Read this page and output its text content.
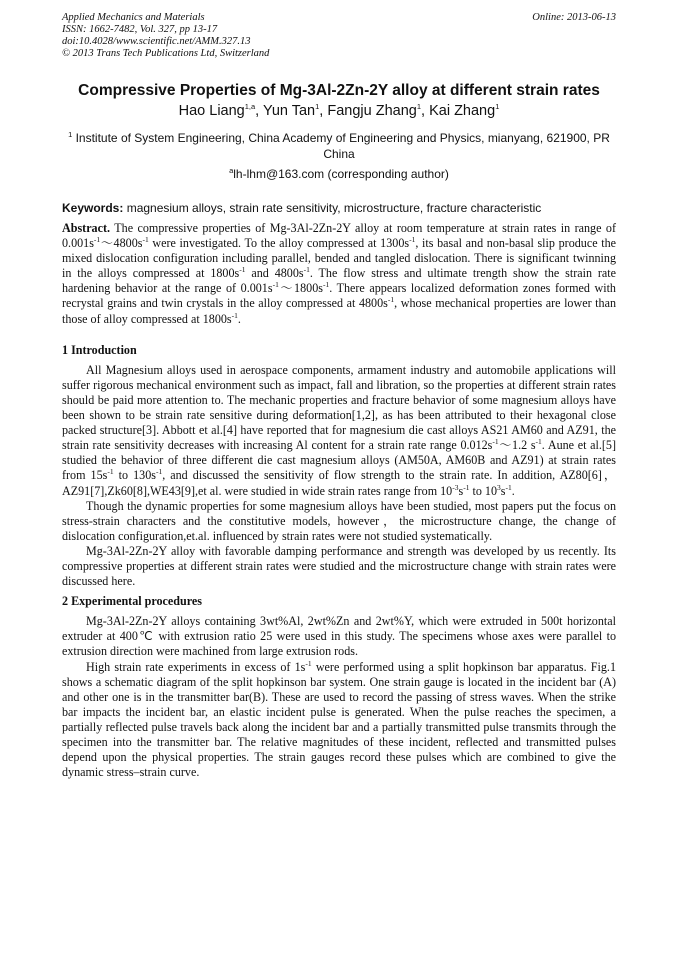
Applied Mechanics and Materials
ISSN: 1662-7482, Vol. 327, pp 13-17
doi:10.4028/www.scientific.net/AMM.327.13
© 2013 Trans Tech Publications Ltd, Switzerland
Online: 2013-06-13
Compressive Properties of Mg-3Al-2Zn-2Y alloy at different strain rates
Hao Liang$^{1,a}$, Yun Tan$^1$, Fangju Zhang$^1$, Kai Zhang$^1$
$^1$ Institute of System Engineering, China Academy of Engineering and Physics, mianyang, 621900, PR China
$^a$lh-lhm@163.com (corresponding author)
Keywords: magnesium alloys, strain rate sensitivity, microstructure, fracture characteristic

Abstract. The compressive properties of Mg-3Al-2Zn-2Y alloy at room temperature at strain rates in range of $0.001s^{-1}\sim 4800s^{-1}$ were investigated. To the alloy compressed at $1300s^{-1}$, its basal and non-basal slip produce the mixed dislocation configuration including parallel, bended and tangled dislocation. There is significant twinning in the alloys compressed at $1800s^{-1}$ and $4800s^{-1}$. The flow stress and ultimate trength show the strain rate hardening behavior at the range of $0.001s^{-1}\sim 1800s^{-1}$. There appears localized deformation zones formed with recrystal grains and twin crystals in the alloy compressed at $4800s^{-1}$, whose mechanical properties are lower than those of alloy compressed at $1800s^{-1}$.

1 Introduction

All Magnesium alloys used in aerospace components, armament industry and automobile applications will suffer rigorous mechanical environment such as impact, fall and libration, so the properties at different strain rates should be paid more attention to. The mechanic properties and fracture behavior of some magnesium alloys have been shown to be strain rate sensitive during deformation[1,2], as has been attributed to their hexagonal close packed structure[3]. Abbott et al.[4] have reported that for magnesium die cast alloys AS21 AM60 and AZ91, the strain rate sensitivity decreases with increasing Al content for a strain rate range $0.012s^{-1}\sim 1.2$ $s^{-1}$. Aune et al.[5] studied the behavior of three different die cast magnesium alloys (AM50A, AM60B and AZ91) at strain rates from $15s^{-1}$ to $130s^{-1}$, and discussed the sensitivity of flow strength to the strain rate. In addition, AZ80[6]，AZ91[7],Zk60[8],WE43[9],et al. were studied in wide strain rates range from $10^{-3}s^{-1}$ to $10^3s^{-1}$.

Though the dynamic properties for some magnesium alloys have been studied, most papers put the focus on stress-strain characters and the constitutive models, however，the microstructure change, the change of dislocation configuration,et.al. influenced by strain rates were not studied systematically.

Mg-3Al-2Zn-2Y alloy with favorable damping performance and strength was developed by us recently. Its compressive properties at different strain rates were studied and the microstructure change with strain rates were discussed here.

2 Experimental procedures

Mg-3Al-2Zn-2Y alloys containing 3wt%Al, 2wt%Zn and 2wt%Y, which were extruded in 500t horizontal extruder at 400℃ with extrusion ratio 25 were used in this study. The specimens whose axes were parallel to extrusion direction were machined from large extrusion rods.

High strain rate experiments in excess of $1s^{-1}$ were performed using a split hopkinson bar apparatus. Fig.1 shows a schematic diagram of the split hopkinson bar system. One strain gauge is located in the incident bar (A) and other one is in the transmitter bar(B). These are used to record the passing of stress waves. When the strike bar impacts the incident bar, an elastic incident pulse is generated. When the pulse reaches the specimen, a partially reflected pulse travels back along the incident bar and a partially transmitted pulse transmits through the specimen into the transmitter bar. The relative magnitudes of these incident, reflected and transmitted pulses depend upon the physical properties. The strain gauges record these pulses which are combined to give the dynamic stress–strain curve.
